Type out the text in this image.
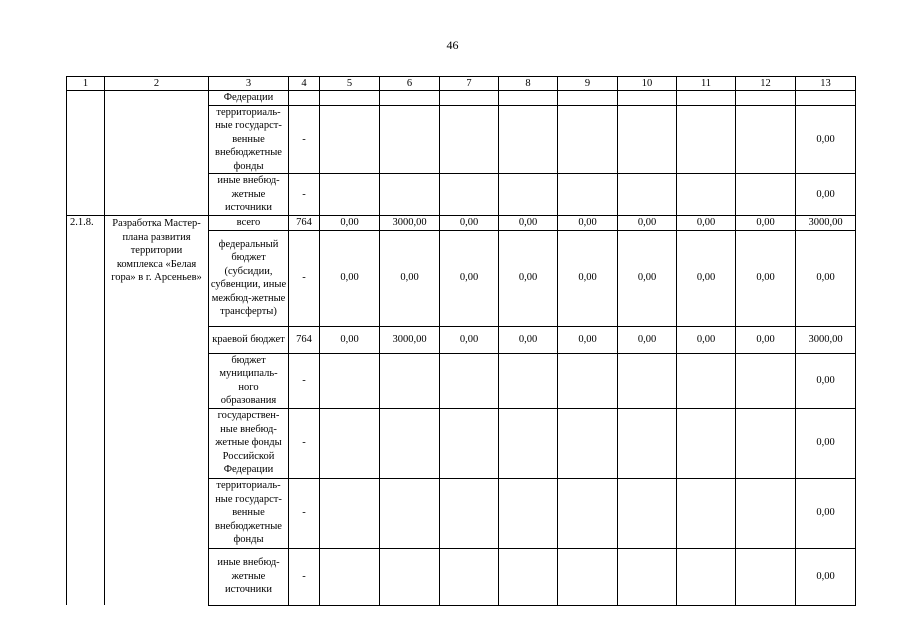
46
1	2	3	4	5	6	7	8	9	10	11	12	13
		Федерации										
		территориаль-ные государст-венные внебюджетные фонды	-									0,00
		иные внебюд-жетные источники	-									0,00
2.1.8.	Разработка Мастер-плана развития территории комплекса «Белая гора» в г. Арсеньев»	всего	764	0,00	3000,00	0,00	0,00	0,00	0,00	0,00	0,00	3000,00
		федеральный бюджет (субсидии, субвенции, иные межбюд-жетные трансферты)	-	0,00	0,00	0,00	0,00	0,00	0,00	0,00	0,00	0,00
		краевой бюджет	764	0,00	3000,00	0,00	0,00	0,00	0,00	0,00	0,00	3000,00
		бюджет муниципаль-ного образования	-									0,00
		государствен-ные внебюд-жетные фонды Российской Федерации	-									0,00
		территориаль-ные государст-венные внебюджетные фонды	-									0,00
		иные внебюд-жетные источники	-									0,00
